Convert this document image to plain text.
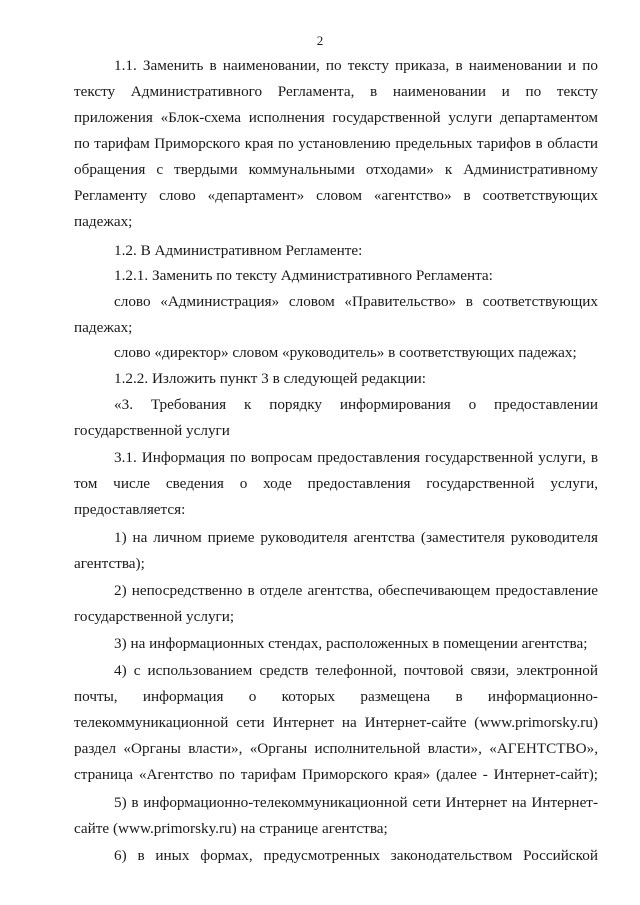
2
1.1. Заменить в наименовании, по тексту приказа, в наименовании и по
тексту Административного Регламента, в наименовании и по тексту
приложения «Блок-схема исполнения государственной услуги департаментом
по тарифам Приморского края по установлению предельных тарифов в области
обращения с твердыми коммунальными отходами» к Административному
Регламенту слово «департамент» словом «агентство» в соответствующих
падежах;
1.2. В Административном Регламенте:
1.2.1. Заменить по тексту Административного Регламента:
слово «Администрация» словом «Правительство» в соответствующих
падежах;
слово «директор» словом «руководитель» в соответствующих падежах;
1.2.2. Изложить пункт 3 в следующей редакции:
«3. Требования к порядку информирования о предоставлении
государственной услуги
3.1. Информация по вопросам предоставления государственной услуги, в
том числе сведения о ходе предоставления государственной услуги,
предоставляется:
1) на личном приеме руководителя агентства (заместителя руководителя
агентства);
2) непосредственно в отделе агентства, обеспечивающем предоставление
государственной услуги;
3) на информационных стендах, расположенных в помещении агентства;
4) с использованием средств телефонной, почтовой связи, электронной
почты, информация о которых размещена в информационно-
телекоммуникационной сети Интернет на Интернет-сайте (www.primorsky.ru)
раздел «Органы власти», «Органы исполнительной власти», «АГЕНТСТВО»,
страница «Агентство по тарифам Приморского края» (далее - Интернет-сайт);
5) в информационно-телекоммуникационной сети Интернет на Интернет-
сайте (www.primorsky.ru) на странице агентства;
6) в иных формах, предусмотренных законодательством Российской
